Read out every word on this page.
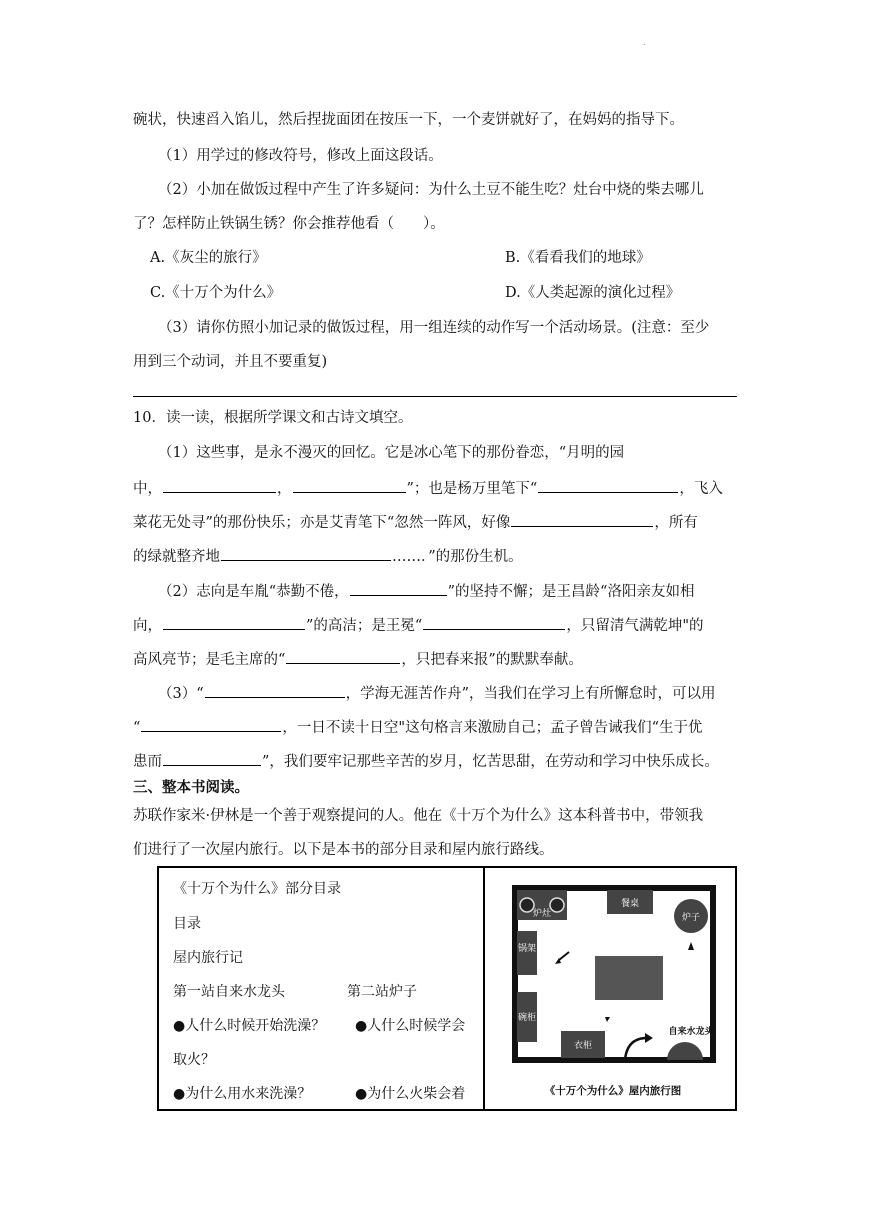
.
碗状，快速舀入馅儿，然后捏拢面团在按压一下，一个麦饼就好了，在妈妈的指导下。
（1）用学过的修改符号，修改上面这段话。
（2）小加在做饭过程中产生了许多疑问：为什么土豆不能生吃？灶台中烧的柴去哪儿
了？怎样防止铁锅生锈？你会推荐他看（　　）。
A.《灰尘的旅行》	B.《看看我们的地球》
C.《十万个为什么》	D.《人类起源的演化过程》
（3）请你仿照小加记录的做饭过程，用一组连续的动作写一个活动场景。(注意：至少
用到三个动词，并且不要重复)
10．读一读，根据所学课文和古诗文填空。
（1）这些事，是永不漫灭的回忆。它是冰心笔下的那份眷恋，“月明的园
中，	，	”；也是杨万里笔下“	，飞入
菜花无处寻”的那份快乐；亦是艾青笔下“忽然一阵风，好像	，所有
的绿就整齐地	……．”的那份生机。
（2）志向是车胤“恭勤不倦，	”的坚持不懈；是王昌龄“洛阳亲友如相
向，	”的高洁；是王冕“	，只留清气满乾坤"的
高风亮节；是毛主席的“	，只把春来报”的默默奉献。
（3）“	，学海无涯苦作舟”，当我们在学习上有所懈怠时，可以用
“	，一日不读十日空"这句格言来激励自己；孟子曾告诫我们“生于优
患而	”，我们要牢记那些辛苦的岁月，忆苦思甜，在劳动和学习中快乐成长。
三、整本书阅读。
苏联作家米·伊林是一个善于观察提问的人。他在《十万个为什么》这本科普书中，带领我
们进行了一次屋内旅行。以下是本书的部分目录和屋内旅行路线。
《十万个为什么》部分目录
目录
屋内旅行记
第一站自来水龙头	第二站炉子
●人什么时候开始洗澡？ ●人什么时候学会
取火？
●为什么用水来洗澡？	●为什么火柴会着
炉灶
餐桌
炉子
锅架
碗柜
衣柜
自来水龙头
《十万个为什么》屋内旅行图
